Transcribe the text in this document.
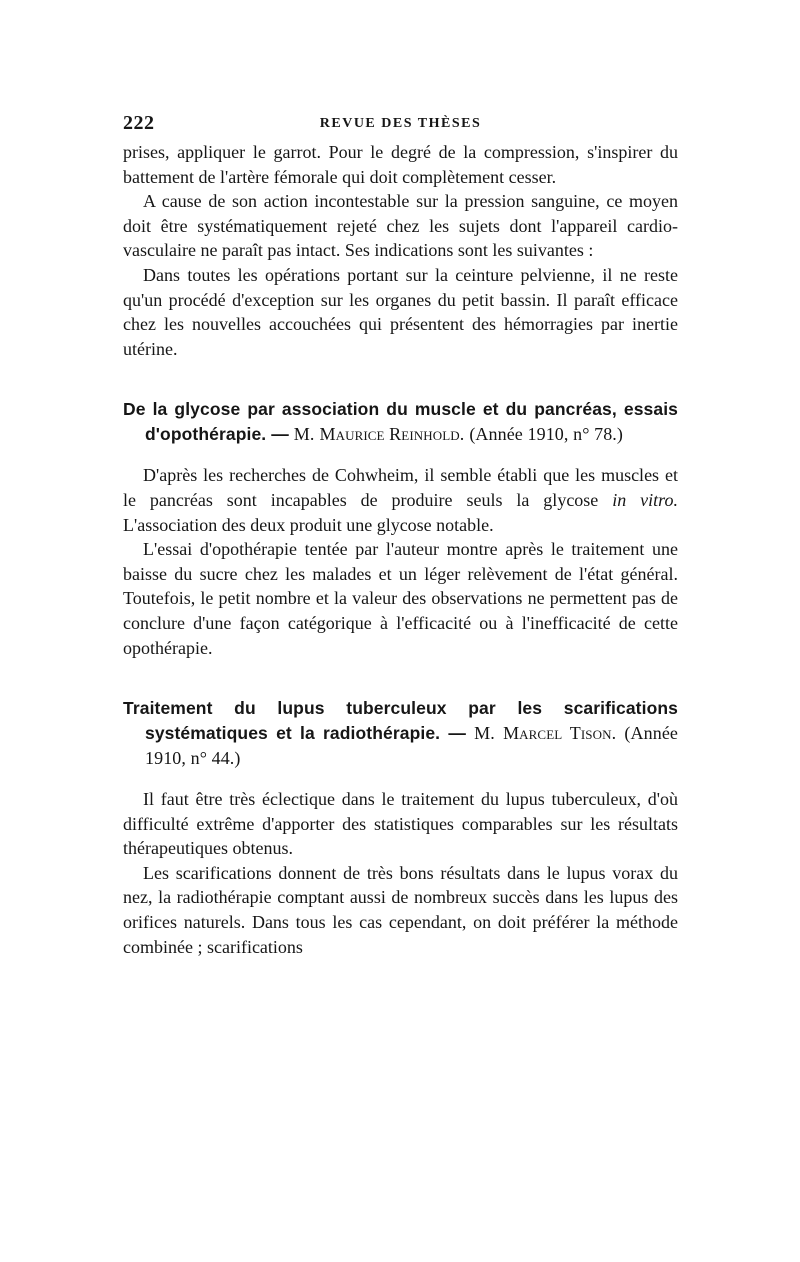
222	REVUE DES THÈSES

prises, appliquer le garrot. Pour le degré de la compression, s'inspirer du battement de l'artère fémorale qui doit complètement cesser.

A cause de son action incontestable sur la pression sanguine, ce moyen doit être systématiquement rejeté chez les sujets dont l'appareil cardio-vasculaire ne paraît pas intact. Ses indications sont les suivantes :

Dans toutes les opérations portant sur la ceinture pelvienne, il ne reste qu'un procédé d'exception sur les organes du petit bassin. Il paraît efficace chez les nouvelles accouchées qui présentent des hémorragies par inertie utérine.

De la glycose par association du muscle et du pancréas, essais d'opothérapie. — M. Maurice Reinhold. (Année 1910, n° 78.)

D'après les recherches de Cohwheim, il semble établi que les muscles et le pancréas sont incapables de produire seuls la glycose in vitro. L'association des deux produit une glycose notable.

L'essai d'opothérapie tentée par l'auteur montre après le traitement une baisse du sucre chez les malades et un léger relèvement de l'état général. Toutefois, le petit nombre et la valeur des observations ne permettent pas de conclure d'une façon catégorique à l'efficacité ou à l'inefficacité de cette opothérapie.

Traitement du lupus tuberculeux par les scarifications systématiques et la radiothérapie. — M. Marcel Tison. (Année 1910, n° 44.)

Il faut être très éclectique dans le traitement du lupus tuberculeux, d'où difficulté extrême d'apporter des statistiques comparables sur les résultats thérapeutiques obtenus.

Les scarifications donnent de très bons résultats dans le lupus vorax du nez, la radiothérapie comptant aussi de nombreux succès dans les lupus des orifices naturels. Dans tous les cas cependant, on doit préférer la méthode combinée ; scarifications
